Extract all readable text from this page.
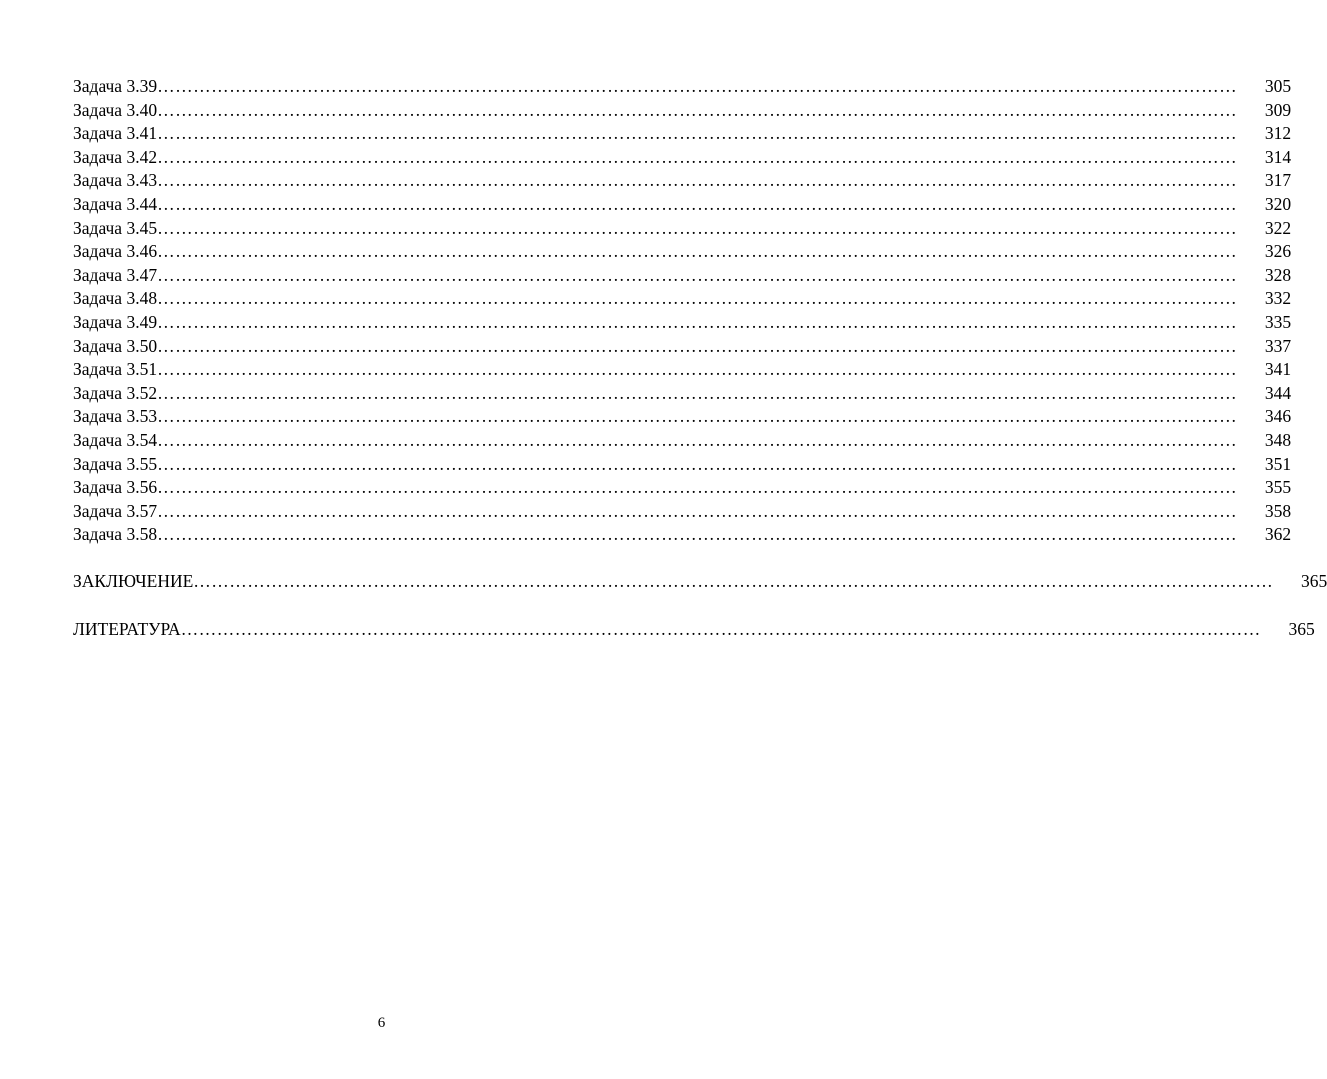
Задача 3.39 ………………………………………………………………………………………………………………………………………………………………	305
Задача 3.40 ………………………………………………………………………………………………………………………………………………………………	309
Задача 3.41 ………………………………………………………………………………………………………………………………………………………………	312
Задача 3.42 ………………………………………………………………………………………………………………………………………………………………	314
Задача 3.43 ………………………………………………………………………………………………………………………………………………………………	317
Задача 3.44 ………………………………………………………………………………………………………………………………………………………………	320
Задача 3.45 ………………………………………………………………………………………………………………………………………………………………	322
Задача 3.46 ………………………………………………………………………………………………………………………………………………………………	326
Задача 3.47 ………………………………………………………………………………………………………………………………………………………………	328
Задача 3.48 ………………………………………………………………………………………………………………………………………………………………	332
Задача 3.49 ………………………………………………………………………………………………………………………………………………………………	335
Задача 3.50 ………………………………………………………………………………………………………………………………………………………………	337
Задача 3.51 ………………………………………………………………………………………………………………………………………………………………	341
Задача 3.52 ………………………………………………………………………………………………………………………………………………………………	344
Задача 3.53 ………………………………………………………………………………………………………………………………………………………………	346
Задача 3.54 ………………………………………………………………………………………………………………………………………………………………	348
Задача 3.55 ………………………………………………………………………………………………………………………………………………………………	351
Задача 3.56 ………………………………………………………………………………………………………………………………………………………………	355
Задача 3.57 ………………………………………………………………………………………………………………………………………………………………	358
Задача 3.58 ………………………………………………………………………………………………………………………………………………………………	362
ЗАКЛЮЧЕНИЕ ………………………………………………………………………………………………………………………………………………………………	365
ЛИТЕРАТУРА ………………………………………………………………………………………………………………………………………………………………	365
6
